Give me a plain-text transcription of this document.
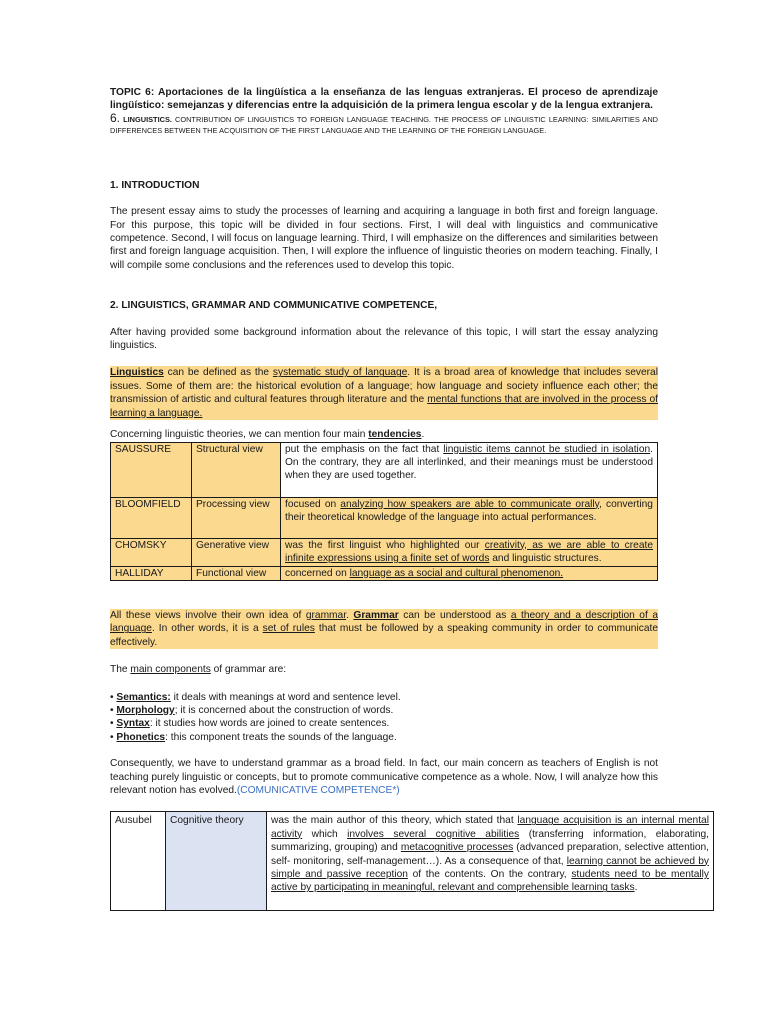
TOPIC 6: Aportaciones de la lingüística a la enseñanza de las lenguas extranjeras. El proceso de aprendizaje lingüístico: semejanzas y diferencias entre la adquisición de la primera lengua escolar y de la lengua extranjera.

6. LINGUISTICS. CONTRIBUTION OF LINGUISTICS TO FOREIGN LANGUAGE TEACHING. THE PROCESS OF LINGUISTIC LEARNING: SIMILARITIES AND DIFFERENCES BETWEEN THE ACQUISITION OF THE FIRST LANGUAGE AND THE LEARNING OF THE FOREIGN LANGUAGE.

1. INTRODUCTION

The present essay aims to study the processes of learning and acquiring a language in both first and foreign language. For this purpose, this topic will be divided in four sections. First, I will deal with linguistics and communicative competence. Second, I will focus on language learning. Third, I will emphasize on the differences and similarities between first and foreign language acquisition. Then, I will explore the influence of linguistic theories on modern teaching. Finally, I will compile some conclusions and the references used to develop this topic.

2. LINGUISTICS, GRAMMAR AND COMMUNICATIVE COMPETENCE,

After having provided some background information about the relevance of this topic, I will start the essay analyzing linguistics.

Linguistics can be defined as the systematic study of language. It is a broad area of knowledge that includes several issues. Some of them are: the historical evolution of a language; how language and society influence each other; the transmission of artistic and cultural features through literature and the mental functions that are involved in the process of learning a language.

Concerning linguistic theories, we can mention four main tendencies.

SAUSSURE	Structural view	put the emphasis on the fact that linguistic items cannot be studied in isolation. On the contrary, they are all interlinked, and their meanings must be understood when they are used together.

BLOOMFIELD	Processing view	focused on analyzing how speakers are able to communicate orally, converting their theoretical knowledge of the language into actual performances.

CHOMSKY	Generative view	was the first linguist who highlighted our creativity, as we are able to create infinite expressions using a finite set of words and linguistic structures.

HALLIDAY	Functional view	concerned on language as a social and cultural phenomenon.

All these views involve their own idea of grammar. Grammar can be understood as a theory and a description of a language. In other words, it is a set of rules that must be followed by a speaking community in order to communicate effectively.

The main components of grammar are:

• Semantics: it deals with meanings at word and sentence level.
• Morphology; it is concerned about the construction of words.
• Syntax: it studies how words are joined to create sentences.
• Phonetics: this component treats the sounds of the language.

Consequently, we have to understand grammar as a broad field. In fact, our main concern as teachers of English is not teaching purely linguistic or concepts, but to promote communicative competence as a whole. Now, I will analyze how this relevant notion has evolved.(COMUNICATIVE COMPETENCE*)

Ausubel	Cognitive theory	was the main author of this theory, which stated that language acquisition is an internal mental activity which involves several cognitive abilities (transferring information, elaborating, summarizing, grouping) and metacognitive processes (advanced preparation, selective attention, self- monitoring, self-management…). As a consequence of that, learning cannot be achieved by simple and passive reception of the contents. On the contrary, students need to be mentally active by participating in meaningful, relevant and comprehensible learning tasks.
